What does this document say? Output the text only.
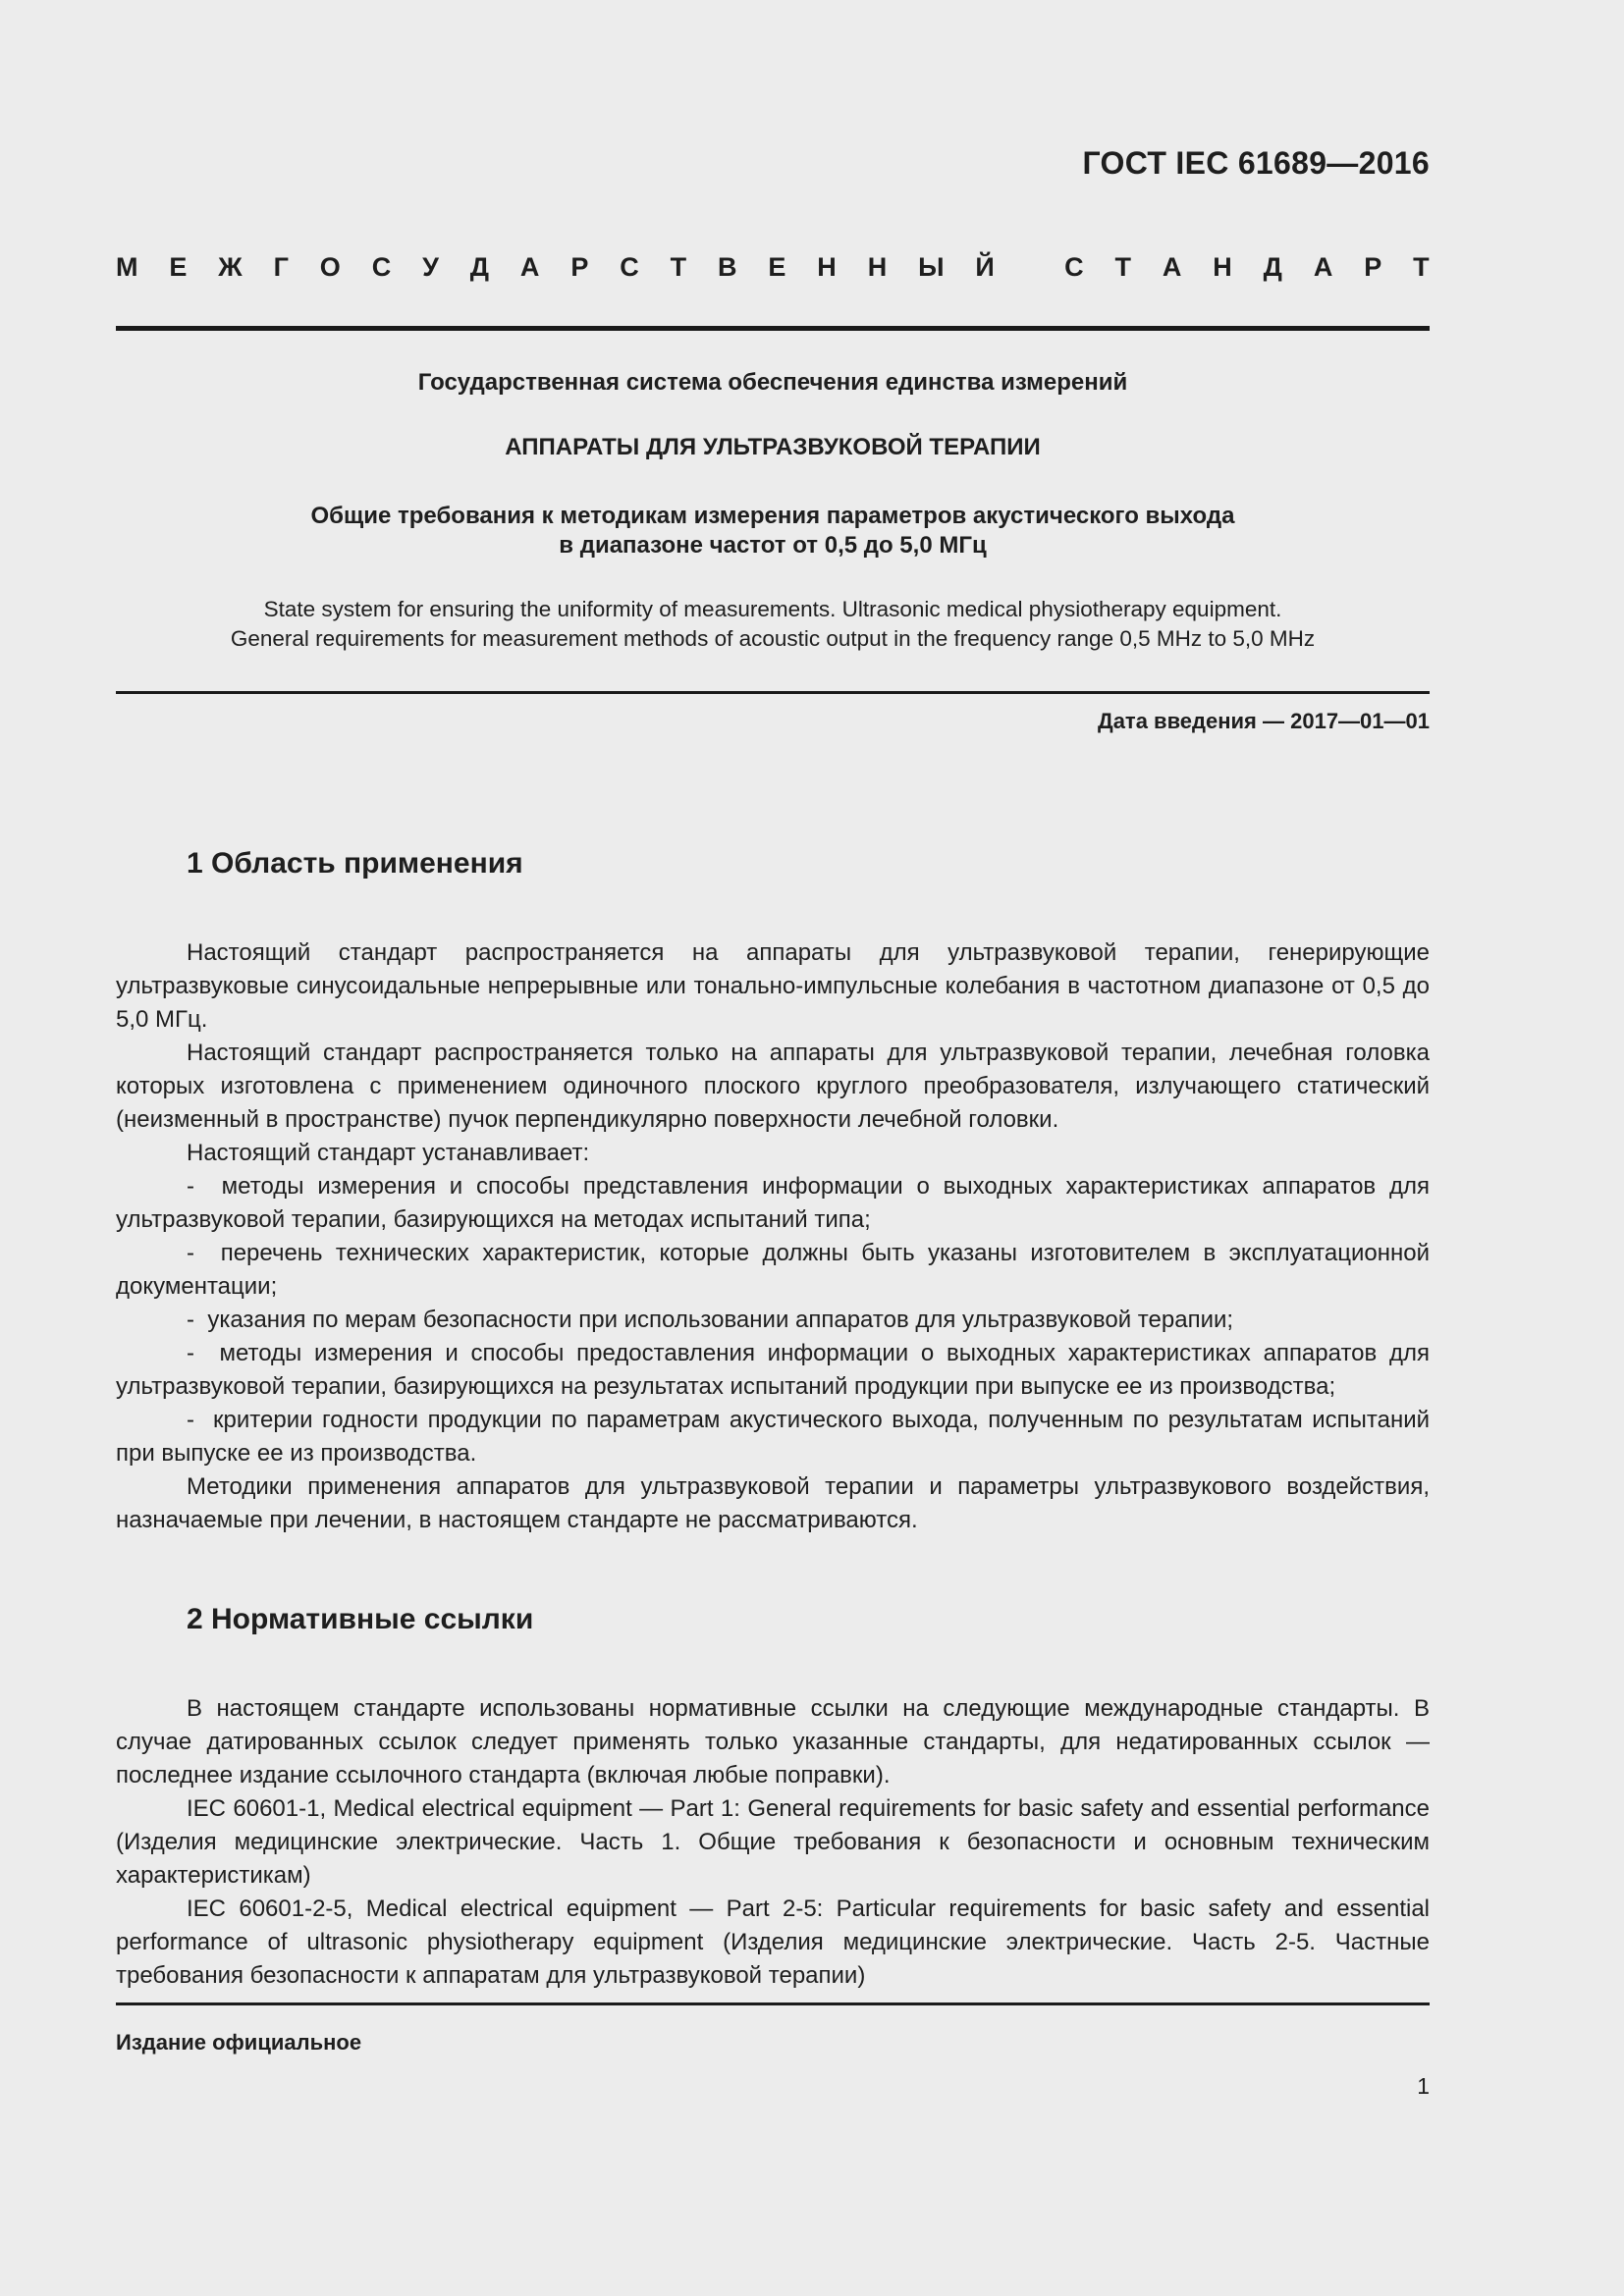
ГОСТ IEC 61689—2016
М Е Ж Г О С У Д А Р С Т В Е Н Н Ы Й
	С Т А Н Д А Р Т
Государственная система обеспечения единства измерений
АППАРАТЫ ДЛЯ УЛЬТРАЗВУКОВОЙ ТЕРАПИИ
Общие требования к методикам измерения параметров акустического выхода
в диапазоне частот от 0,5 до 5,0 МГц
State system for ensuring the uniformity of measurements. Ultrasonic medical physiotherapy equipment.
General requirements for measurement methods of acoustic output in the frequency range 0,5 MHz to 5,0 MHz
Дата введения — 2017—01—01
1 Область применения

Настоящий стандарт распространяется на аппараты для ультразвуковой терапии, генерирующие ультразвуковые синусоидальные непрерывные или тонально-импульсные колебания в частотном диапазоне от 0,5 до 5,0 МГц.

Настоящий стандарт распространяется только на аппараты для ультразвуковой терапии, лечебная головка которых изготовлена с применением одиночного плоского круглого преобразователя, излучающего статический (неизменный в пространстве) пучок перпендикулярно поверхности лечебной головки.

Настоящий стандарт устанавливает:

-  методы измерения и способы представления информации о выходных характеристиках аппаратов для ультразвуковой терапии, базирующихся на методах испытаний типа;

-  перечень технических характеристик, которые должны быть указаны изготовителем в эксплуатационной документации;

-  указания по мерам безопасности при использовании аппаратов для ультразвуковой терапии;

-  методы измерения и способы предоставления информации о выходных характеристиках аппаратов для ультразвуковой терапии, базирующихся на результатах испытаний продукции при выпуске ее из производства;

-  критерии годности продукции по параметрам акустического выхода, полученным по результатам испытаний при выпуске ее из производства.

Методики применения аппаратов для ультразвуковой терапии и параметры ультразвукового воздействия, назначаемые при лечении, в настоящем стандарте не рассматриваются.

2 Нормативные ссылки

В настоящем стандарте использованы нормативные ссылки на следующие международные стандарты. В случае датированных ссылок следует применять только указанные стандарты, для недатированных ссылок — последнее издание ссылочного стандарта (включая любые поправки).

IEC 60601-1, Medical electrical equipment — Part 1: General requirements for basic safety and essential performance (Изделия медицинские электрические. Часть 1. Общие требования к безопасности и основным техническим характеристикам)

IEC 60601-2-5, Medical electrical equipment — Part 2-5: Particular requirements for basic safety and essential performance of ultrasonic physiotherapy equipment (Изделия медицинские электрические. Часть 2-5. Частные требования безопасности к аппаратам для ультразвуковой терапии)

Издание официальное
1
